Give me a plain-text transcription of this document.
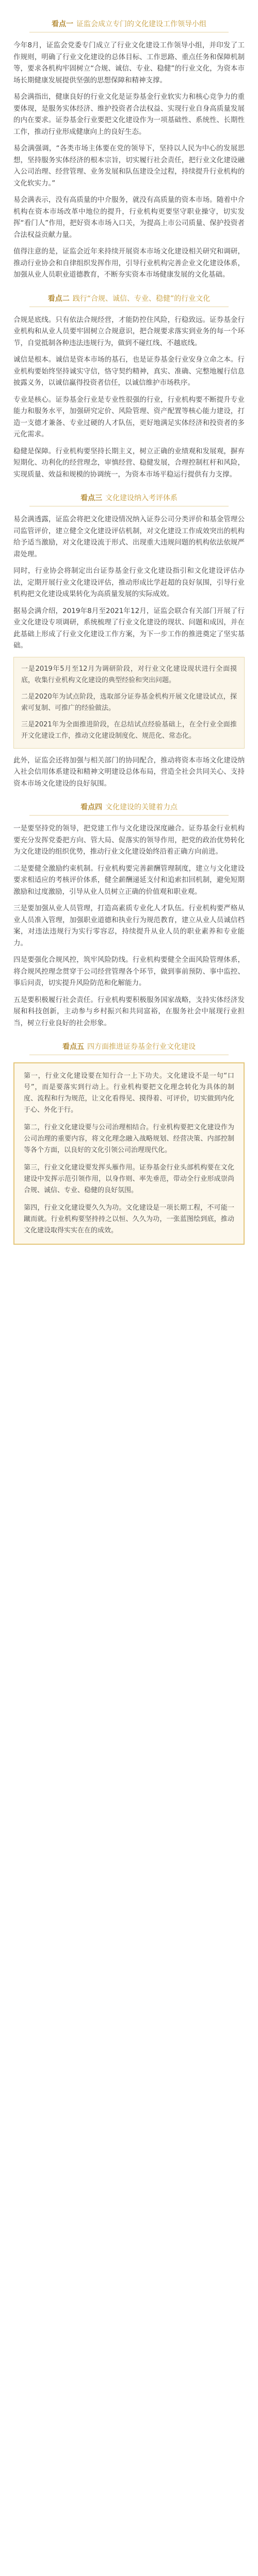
看点一 证监会成立专门的文化建设工作领导小组

今年8月，证监会党委专门成立了行业文化建设工作领导小组，并印发了工作规则，明确了行业文化建设的总体目标、工作思路、重点任务和保障机制等，要求各机构牢固树立“合规、诚信、专业、稳健”的行业文化，为资本市场长期健康发展提供坚强的思想保障和精神支撑。

易会满指出，健康良好的行业文化是证券基金行业软实力和核心竞争力的重要体现，是服务实体经济、维护投资者合法权益、实现行业自身高质量发展的内在要求。证券基金行业要把文化建设作为一项基础性、系统性、长期性工作，推动行业形成健康向上的良好生态。

易会满强调，“各类市场主体要在党的领导下，坚持以人民为中心的发展思想，坚持服务实体经济的根本宗旨，切实履行社会责任，把行业文化建设融入公司治理、经营管理、业务发展和队伍建设全过程，持续提升行业机构的文化软实力。”

易会满表示，没有高质量的中介服务，就没有高质量的资本市场。随着中介机构在资本市场改革中地位的提升，行业机构更要坚守职业操守，切实发挥“看门人”作用，把好资本市场入口关，为提高上市公司质量、保护投资者合法权益贡献力量。

值得注意的是，证监会近年来持续开展资本市场文化建设相关研究和调研，推动行业协会和自律组织发挥作用，引导行业机构完善企业文化建设体系，加强从业人员职业道德教育，不断夯实资本市场健康发展的文化基础。

看点二 践行“合规、诚信、专业、稳健”的行业文化

合规是底线。只有依法合规经营，才能防控住风险，行稳致远。证券基金行业机构和从业人员要牢固树立合规意识，把合规要求落实到业务的每一个环节，自觉抵制各种违法违规行为，做到不碰红线、不越底线。

诚信是根本。诚信是资本市场的基石，也是证券基金行业安身立命之本。行业机构要始终坚持诚实守信，恪守契约精神，真实、准确、完整地履行信息披露义务，以诚信赢得投资者信任，以诚信维护市场秩序。

专业是核心。证券基金行业是专业性很强的行业，行业机构要不断提升专业能力和服务水平，加强研究定价、风险管理、资产配置等核心能力建设，打造一支德才兼备、专业过硬的人才队伍，更好地满足实体经济和投资者的多元化需求。

稳健是保障。行业机构要坚持长期主义，树立正确的业绩观和发展观，摒弃短期化、功利化的经营理念，审慎经营、稳健发展，合理控制杠杆和风险，实现质量、效益和规模的协调统一，为资本市场平稳运行提供有力支撑。

看点三 文化建设纳入考评体系

易会满透露，证监会将把文化建设情况纳入证券公司分类评价和基金管理公司监管评价，建立健全文化建设评估机制，对文化建设工作成效突出的机构给予适当激励，对文化建设流于形式、出现重大违规问题的机构依法依规严肃处理。

同时，行业协会将制定出台证券基金行业文化建设指引和文化建设评估办法，定期开展行业文化建设评估，推动形成比学赶超的良好氛围，引导行业机构把文化建设成果转化为高质量发展的实际成效。

据易会满介绍，2019年8月至2021年12月，证监会联合有关部门开展了行业文化建设专项调研，系统梳理了行业文化建设的现状、问题和成因，并在此基础上形成了行业文化建设工作方案，为下一步工作的推进奠定了坚实基础。

一是2019年5月至12月为调研阶段，对行业文化建设现状进行全面摸底，收集行业机构文化建设的典型经验和突出问题。

二是2020年为试点阶段，选取部分证券基金机构开展文化建设试点，探索可复制、可推广的经验做法。

三是2021年为全面推进阶段，在总结试点经验基础上，在全行业全面推开文化建设工作，推动文化建设制度化、规范化、常态化。

此外，证监会还将加强与相关部门的协同配合，推动将资本市场文化建设纳入社会信用体系建设和精神文明建设总体布局，营造全社会共同关心、支持资本市场文化建设的良好氛围。

看点四 文化建设的关键着力点

一是要坚持党的领导，把党建工作与文化建设深度融合。证券基金行业机构要充分发挥党委把方向、管大局、促落实的领导作用，把党的政治优势转化为文化建设的组织优势，推动行业文化建设始终沿着正确方向前进。

二是要健全激励约束机制。行业机构要完善薪酬管理制度，建立与文化建设要求相适应的考核评价体系，健全薪酬递延支付和追索扣回机制，避免短期激励和过度激励，引导从业人员树立正确的价值观和职业观。

三是要加强从业人员管理，打造高素质专业化人才队伍。行业机构要严格从业人员准入管理，加强职业道德和执业行为规范教育，建立从业人员诚信档案，对违法违规行为实行零容忍，持续提升从业人员的职业素养和专业能力。

四是要强化合规风控，筑牢风险防线。行业机构要健全全面风险管理体系，将合规风控理念贯穿于公司经营管理各个环节，做到事前预防、事中监控、事后问责，切实提升风险防范和化解能力。

五是要积极履行社会责任。行业机构要积极服务国家战略，支持实体经济发展和科技创新，主动参与乡村振兴和共同富裕，在服务社会中展现行业担当，树立行业良好的社会形象。

看点五 四方面推进证券基金行业文化建设

第一，行业文化建设要在知行合一上下功夫。文化建设不是一句“口号”，而是要落实到行动上。行业机构要把文化理念转化为具体的制度、流程和行为规范，让文化看得见、摸得着、可评价，切实做到内化于心、外化于行。

第二，行业文化建设要与公司治理相结合。行业机构要把文化建设作为公司治理的重要内容，将文化理念融入战略规划、经营决策、内部控制等各个方面，以良好的文化引领公司治理现代化。

第三，行业文化建设要发挥头雁作用。证券基金行业头部机构要在文化建设中发挥示范引领作用，以身作则、率先垂范，带动全行业形成崇尚合规、诚信、专业、稳健的良好氛围。

第四，行业文化建设要久久为功。文化建设是一项长期工程，不可能一蹴而就。行业机构要坚持持之以恒、久久为功，一张蓝图绘到底，推动文化建设取得实实在在的成效。
